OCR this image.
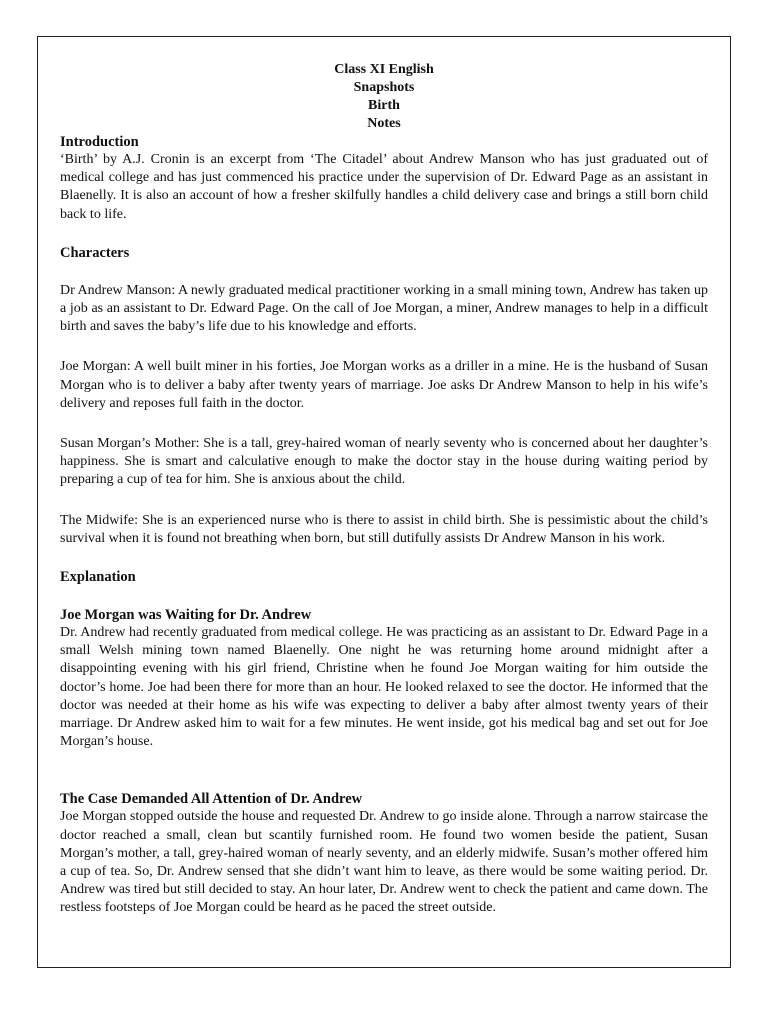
Class XI English
Snapshots
Birth
Notes
Introduction

‘Birth’ by A.J. Cronin is an excerpt from ‘The Citadel’ about Andrew Manson who has just graduated out of medical college and has just commenced his practice under the supervision of Dr. Edward Page as an assistant in Blaenelly. It is also an account of how a fresher skilfully handles a child delivery case and brings a still born child back to life.

Characters

Dr Andrew Manson: A newly graduated medical practitioner working in a small mining town, Andrew has taken up a job as an assistant to Dr. Edward Page. On the call of Joe Morgan, a miner, Andrew manages to help in a difficult birth and saves the baby’s life due to his knowledge and efforts.

Joe Morgan: A well built miner in his forties, Joe Morgan works as a driller in a mine. He is the husband of Susan Morgan who is to deliver a baby after twenty years of marriage. Joe asks Dr Andrew Manson to help in his wife’s delivery and reposes full faith in the doctor.

Susan Morgan’s Mother: She is a tall, grey-haired woman of nearly seventy who is concerned about her daughter’s happiness. She is smart and calculative enough to make the doctor stay in the house during waiting period by preparing a cup of tea for him. She is anxious about the child.

The Midwife: She is an experienced nurse who is there to assist in child birth. She is pessimistic about the child’s survival when it is found not breathing when born, but still dutifully assists Dr Andrew Manson in his work.

Explanation
Joe Morgan was Waiting for Dr. Andrew

Dr. Andrew had recently graduated from medical college. He was practicing as an assistant to Dr. Edward Page in a small Welsh mining town named Blaenelly. One night he was returning home around midnight after a disappointing evening with his girl friend, Christine when he found Joe Morgan waiting for him outside the doctor’s home. Joe had been there for more than an hour. He looked relaxed to see the doctor. He informed that the doctor was needed at their home as his wife was expecting to deliver a baby after almost twenty years of their marriage. Dr Andrew asked him to wait for a few minutes. He went inside, got his medical bag and set out for Joe Morgan’s house.

The Case Demanded All Attention of Dr. Andrew

Joe Morgan stopped outside the house and requested Dr. Andrew to go inside alone. Through a narrow staircase the doctor reached a small, clean but scantily furnished room. He found two women beside the patient, Susan Morgan’s mother, a tall, grey-haired woman of nearly seventy, and an elderly midwife. Susan’s mother offered him a cup of tea. So, Dr. Andrew sensed that she didn’t want him to leave, as there would be some waiting period. Dr. Andrew was tired but still decided to stay. An hour later, Dr. Andrew went to check the patient and came down. The restless footsteps of Joe Morgan could be heard as he paced the street outside.
